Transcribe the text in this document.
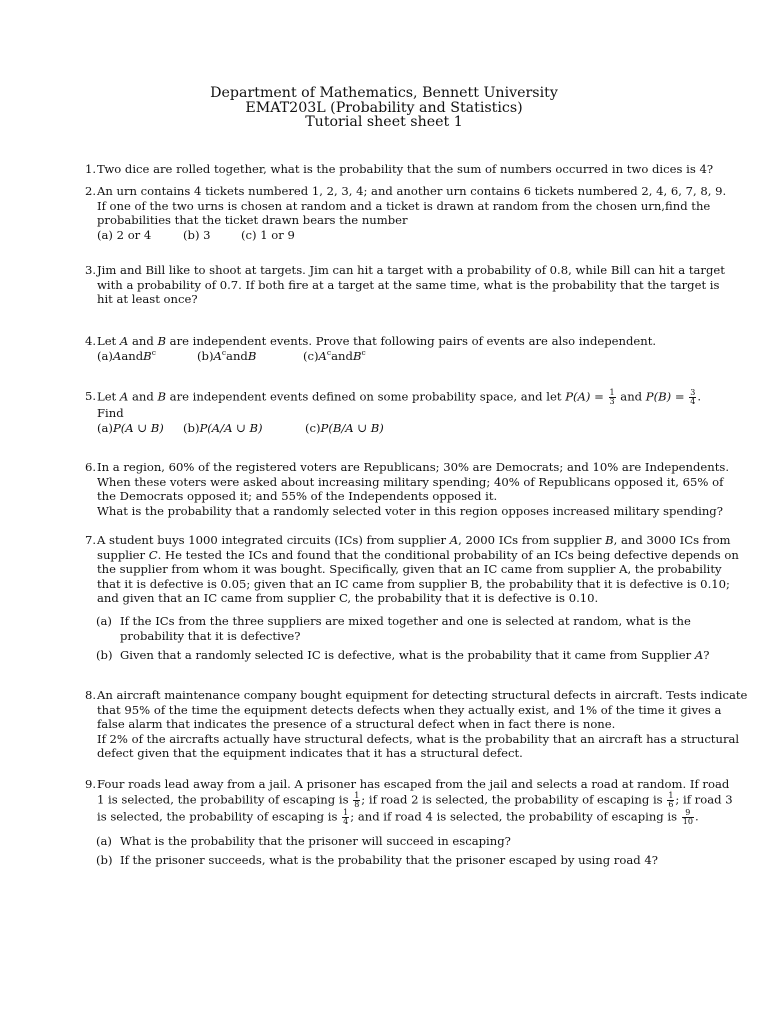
Department of Mathematics, Bennett University
EMAT203L (Probability and Statistics)
Tutorial sheet sheet 1
1. Two dice are rolled together, what is the probability that the sum of numbers occurred in two dices is 4?
2. An urn contains 4 tickets numbered 1, 2, 3, 4; and another urn contains 6 tickets numbered 2, 4, 6, 7, 8, 9.
If one of the two urns is chosen at random and a ticket is drawn at random from the chosen urn,find the
probabilities that the ticket drawn bears the number
(a) 2 or 4	(b) 3	(c) 1 or 9
3. Jim and Bill like to shoot at targets. Jim can hit a target with a probability of 0.8, while Bill can hit a target
with a probability of 0.7. If both fire at a target at the same time, what is the probability that the target is
hit at least once?
4. Let A and B are independent events. Prove that following pairs of events are also independent.
(a)AandB$^c$	$(b)A^candB$	$(c)A^candB^c$
5. Let A and B are independent events defined on some probability space, and let $P(A) = \frac{1}{3}$ and $P(B) = \frac{3}{4}$ .
Find
(a)P(A ∪ B) (b)P(A/A ∪ B)	(c)P(B/A ∪ B)
6. In a region, 60% of the registered voters are Republicans; 30% are Democrats; and 10% are Independents.
When these voters were asked about increasing military spending; 40% of Republicans opposed it, 65% of
the Democrats opposed it; and 55% of the Independents opposed it.
What is the probability that a randomly selected voter in this region opposes increased military spending?
7. A student buys 1000 integrated circuits (ICs) from supplier A, 2000 ICs from supplier B, and 3000 ICs from
supplier C. He tested the ICs and found that the conditional probability of an ICs being defective depends on
the supplier from whom it was bought. Specifically, given that an IC came from supplier A, the probability
that it is defective is 0.05; given that an IC came from supplier B, the probability that it is defective is 0.10;
and given that an IC came from supplier C, the probability that it is defective is 0.10.
(a) If the ICs from the three suppliers are mixed together and one is selected at random, what is the
probability that it is defective?
(b) Given that a randomly selected IC is defective, what is the probability that it came from Supplier A?
8. An aircraft maintenance company bought equipment for detecting structural defects in aircraft. Tests indicate
that 95% of the time the equipment detects defects when they actually exist, and 1% of the time it gives a
false alarm that indicates the presence of a structural defect when in fact there is none.
If 2% of the aircrafts actually have structural defects, what is the probability that an aircraft has a structural
defect given that the equipment indicates that it has a structural defect.
9. Four roads lead away from a jail. A prisoner has escaped from the jail and selects a road at random. If road
1 is selected, the probability of escaping is $\frac{1}{8}$ ; if road 2 is selected, the probability of escaping is $\frac{1}{6}$ ; if road 3
is selected, the probability of escaping is $\frac{1}{4}$ ; and if road 4 is selected, the probability of escaping is $\frac{9}{10}$ .
(a) What is the probability that the prisoner will succeed in escaping?
(b) If the prisoner succeeds, what is the probability that the prisoner escaped by using road 4?
